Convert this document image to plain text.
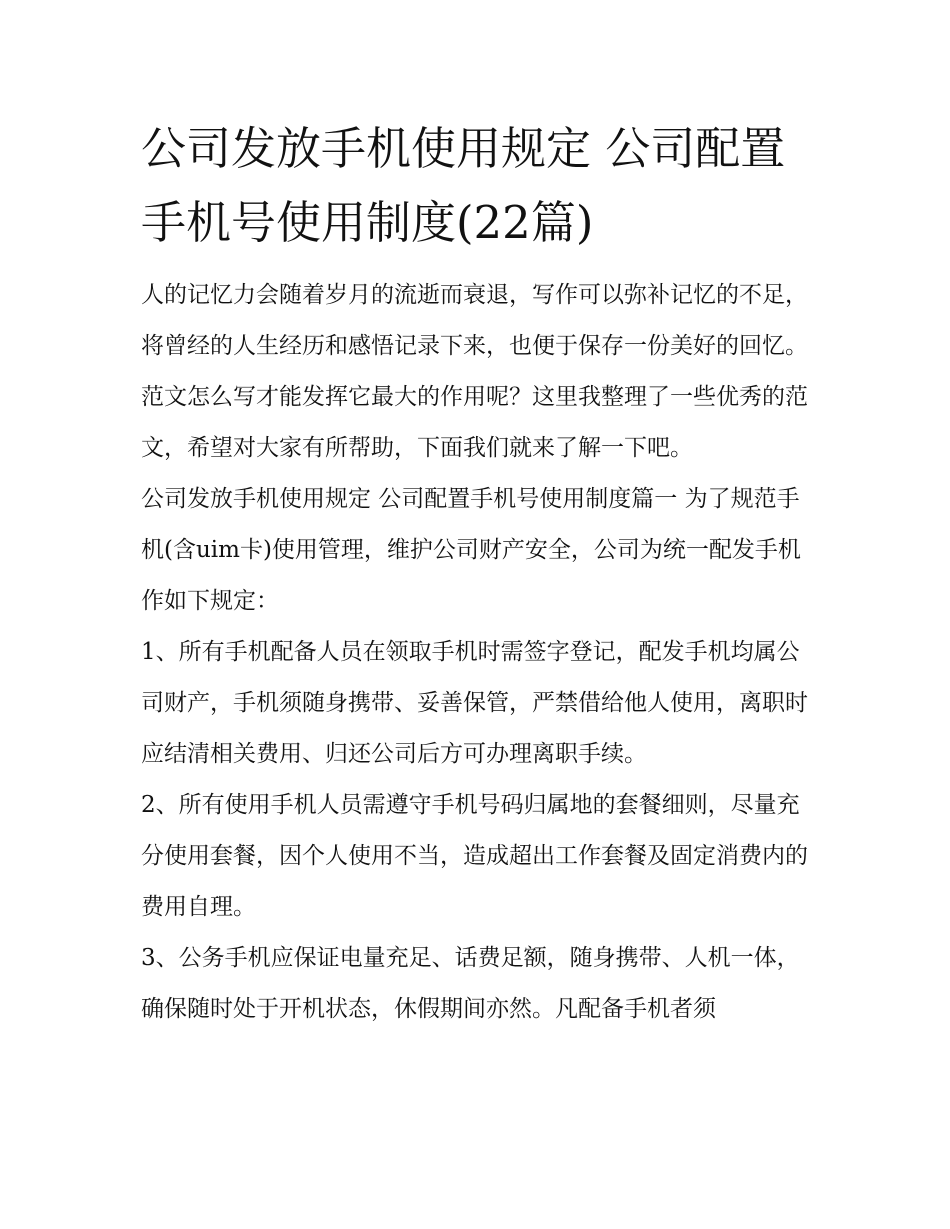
公司发放手机使用规定 公司配置手机号使用制度(22篇)

人的记忆力会随着岁月的流逝而衰退，写作可以弥补记忆的不足，将曾经的人生经历和感悟记录下来，也便于保存一份美好的回忆。范文怎么写才能发挥它最大的作用呢？这里我整理了一些优秀的范文，希望对大家有所帮助，下面我们就来了解一下吧。

公司发放手机使用规定 公司配置手机号使用制度篇一 为了规范手机(含uim卡)使用管理，维护公司财产安全，公司为统一配发手机作如下规定：

1、所有手机配备人员在领取手机时需签字登记，配发手机均属公司财产，手机须随身携带、妥善保管，严禁借给他人使用，离职时应结清相关费用、归还公司后方可办理离职手续。

2、所有使用手机人员需遵守手机号码归属地的套餐细则，尽量充分使用套餐，因个人使用不当，造成超出工作套餐及固定消费内的费用自理。

3、公务手机应保证电量充足、话费足额，随身携带、人机一体，确保随时处于开机状态，休假期间亦然。凡配备手机者须
